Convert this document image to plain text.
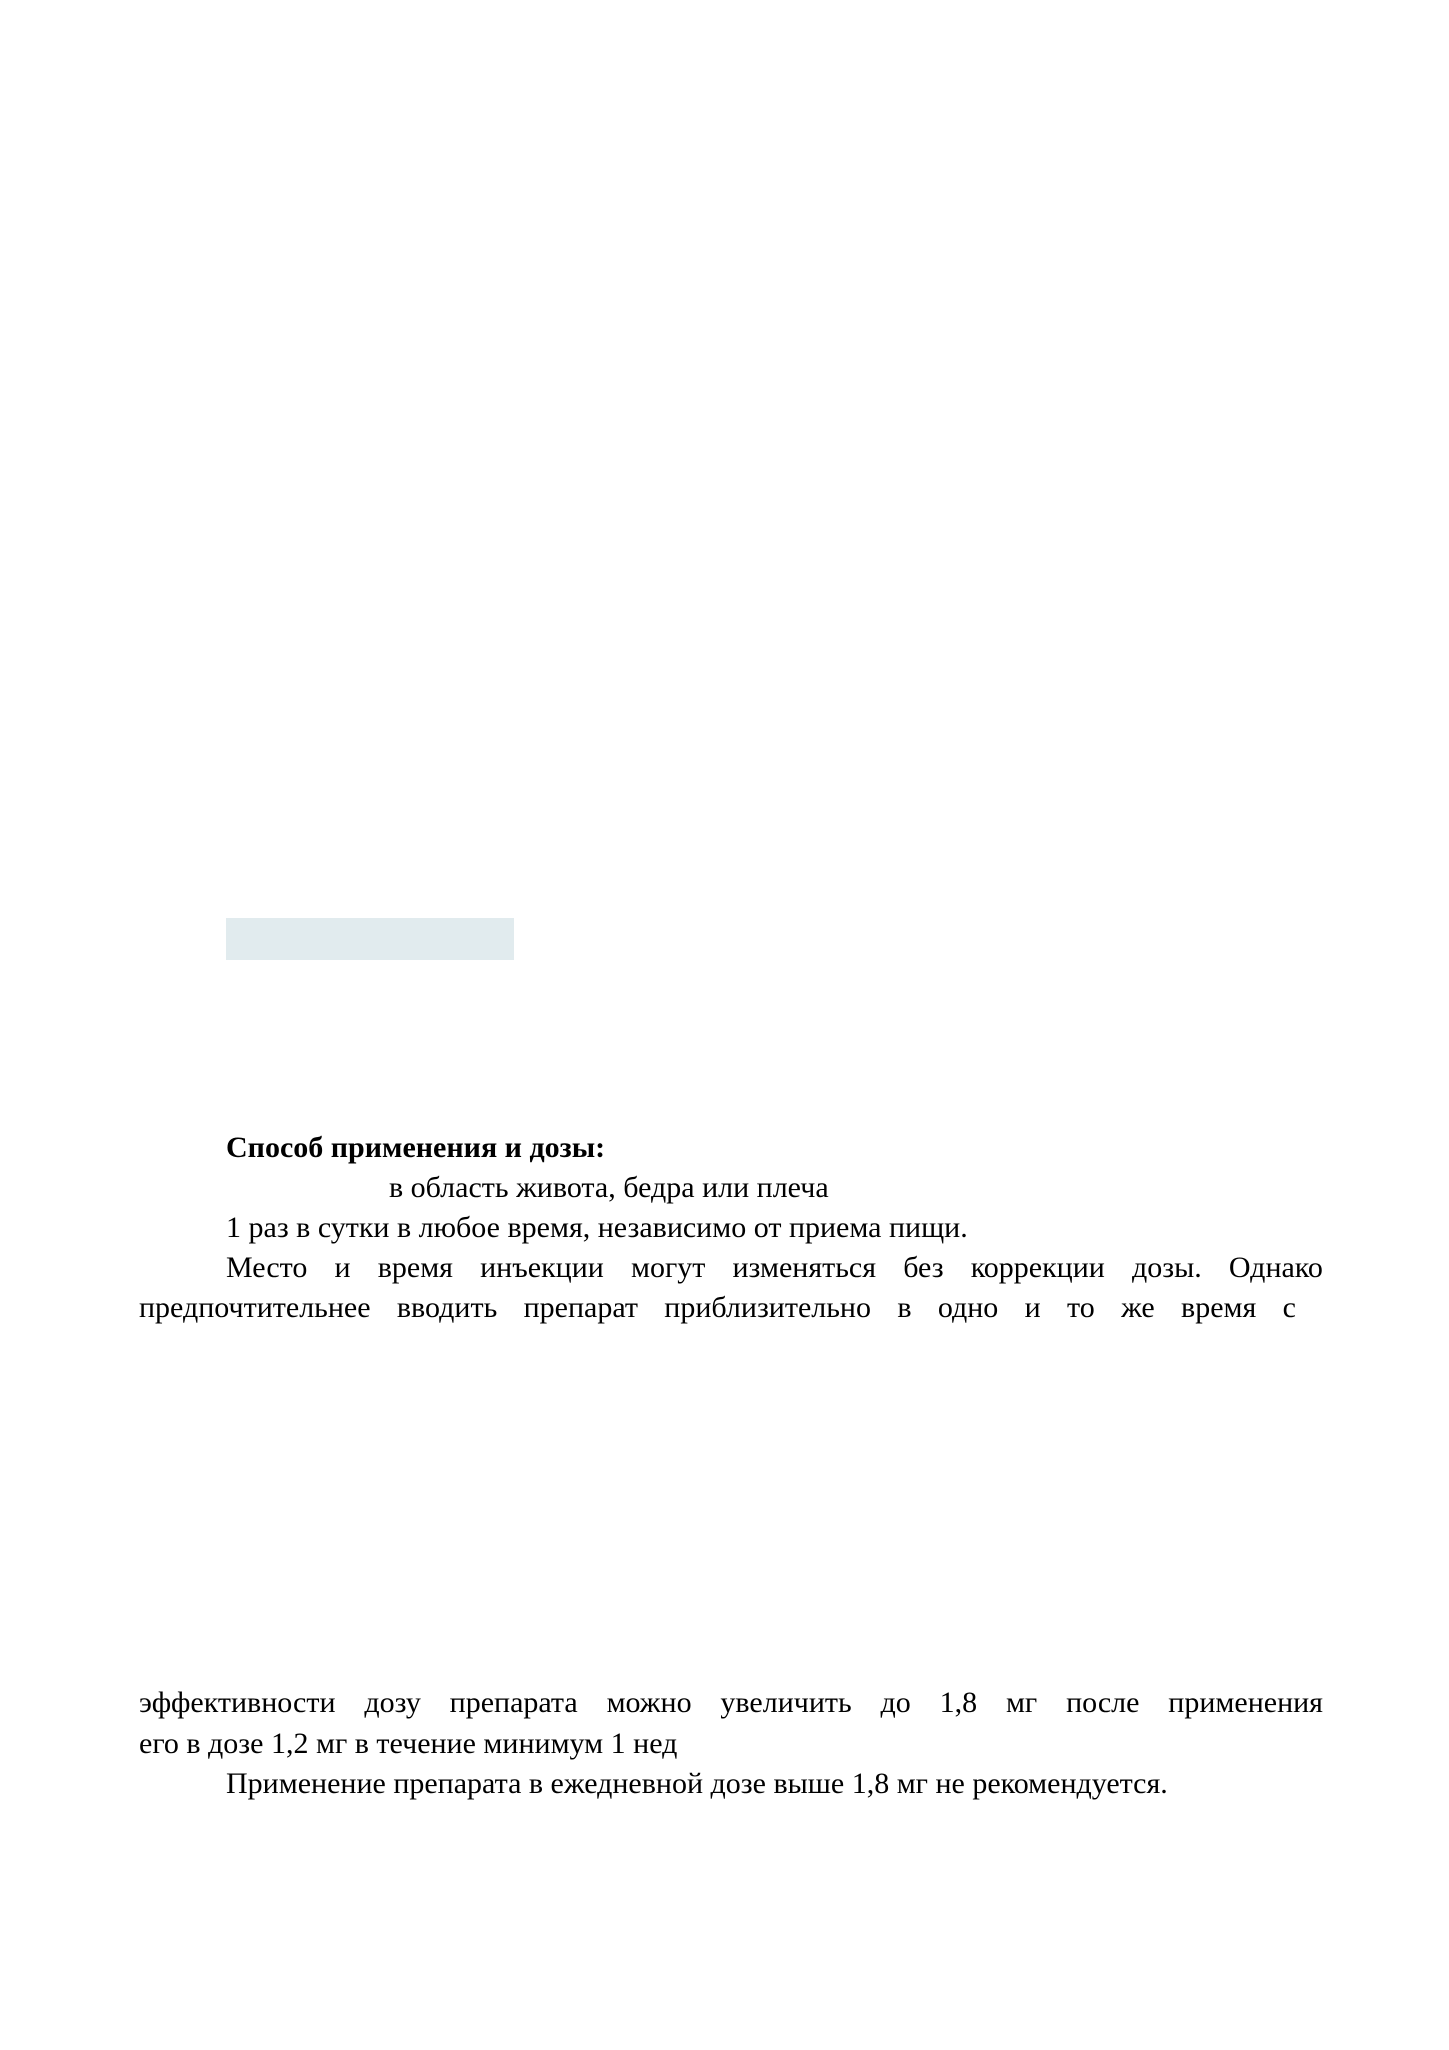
Способ применения и дозы:
в область живота, бедра или плеча
1 раз в сутки в любое время, независимо от приема пищи.
Место и время инъекции могут изменяться без коррекции дозы. Однако
предпочтительнее вводить препарат приблизительно в одно и то же время с
эффективности дозу препарата можно увеличить до 1,8 мг после применения
его в дозе 1,2 мг в течение минимум 1 нед
Применение препарата в ежедневной дозе выше 1,8 мг не рекомендуется.
